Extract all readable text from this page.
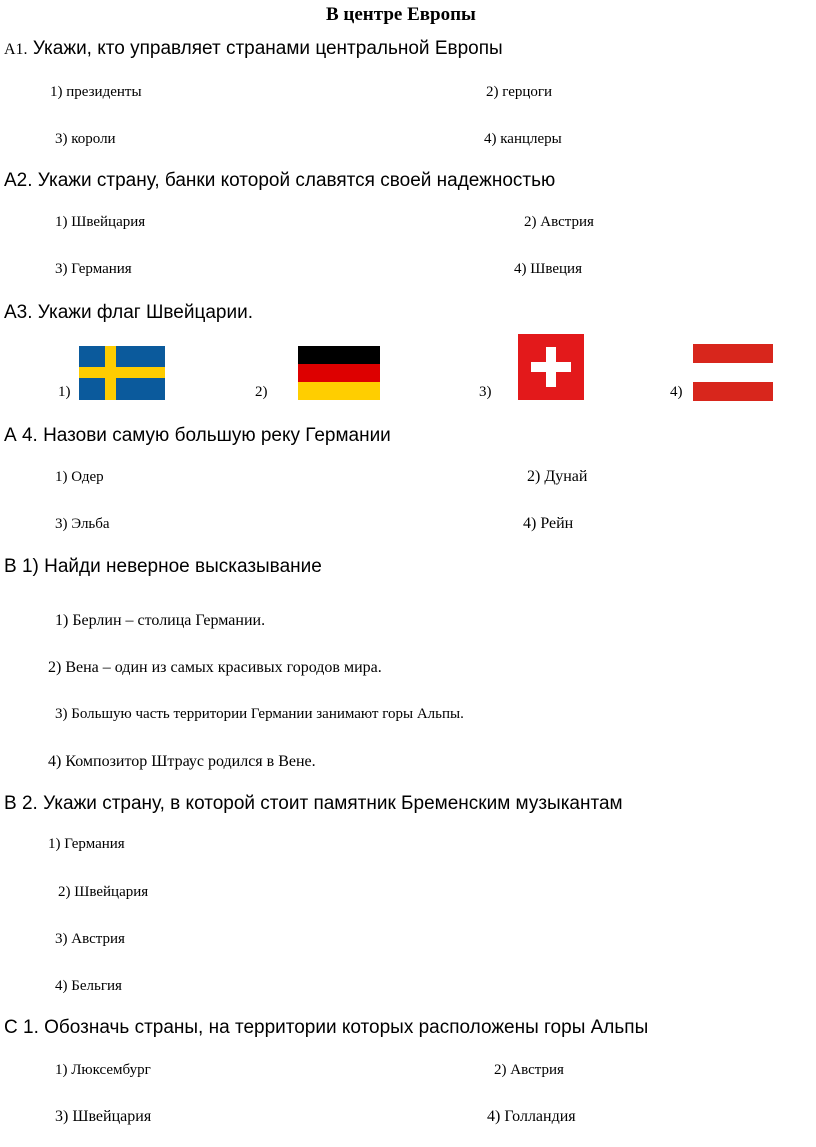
В центре Европы
А1. Укажи, кто управляет странами центральной Европы
1) президенты	2) герцоги
3) короли	4) канцлеры
А2. Укажи страну, банки которой славятся своей надежностью
1) Швейцария	2) Австрия
3) Германия	4) Швеция
А3. Укажи флаг Швейцарии.
1)	2)	3)	4)
А 4. Назови самую большую реку Германии
1) Одер	2) Дунай
3) Эльба	4) Рейн
В 1) Найди неверное высказывание
1) Берлин – столица Германии.
2) Вена – один из самых красивых городов мира.
3) Большую часть территории Германии занимают горы Альпы.
4) Композитор Штраус родился в Вене.
В 2. Укажи страну, в которой стоит памятник Бременским музыкантам
1) Германия
2) Швейцария
3) Австрия
4) Бельгия
С 1. Обозначь страны, на территории которых расположены горы Альпы
1) Люксембург	2) Австрия
3) Швейцария	4) Голландия
